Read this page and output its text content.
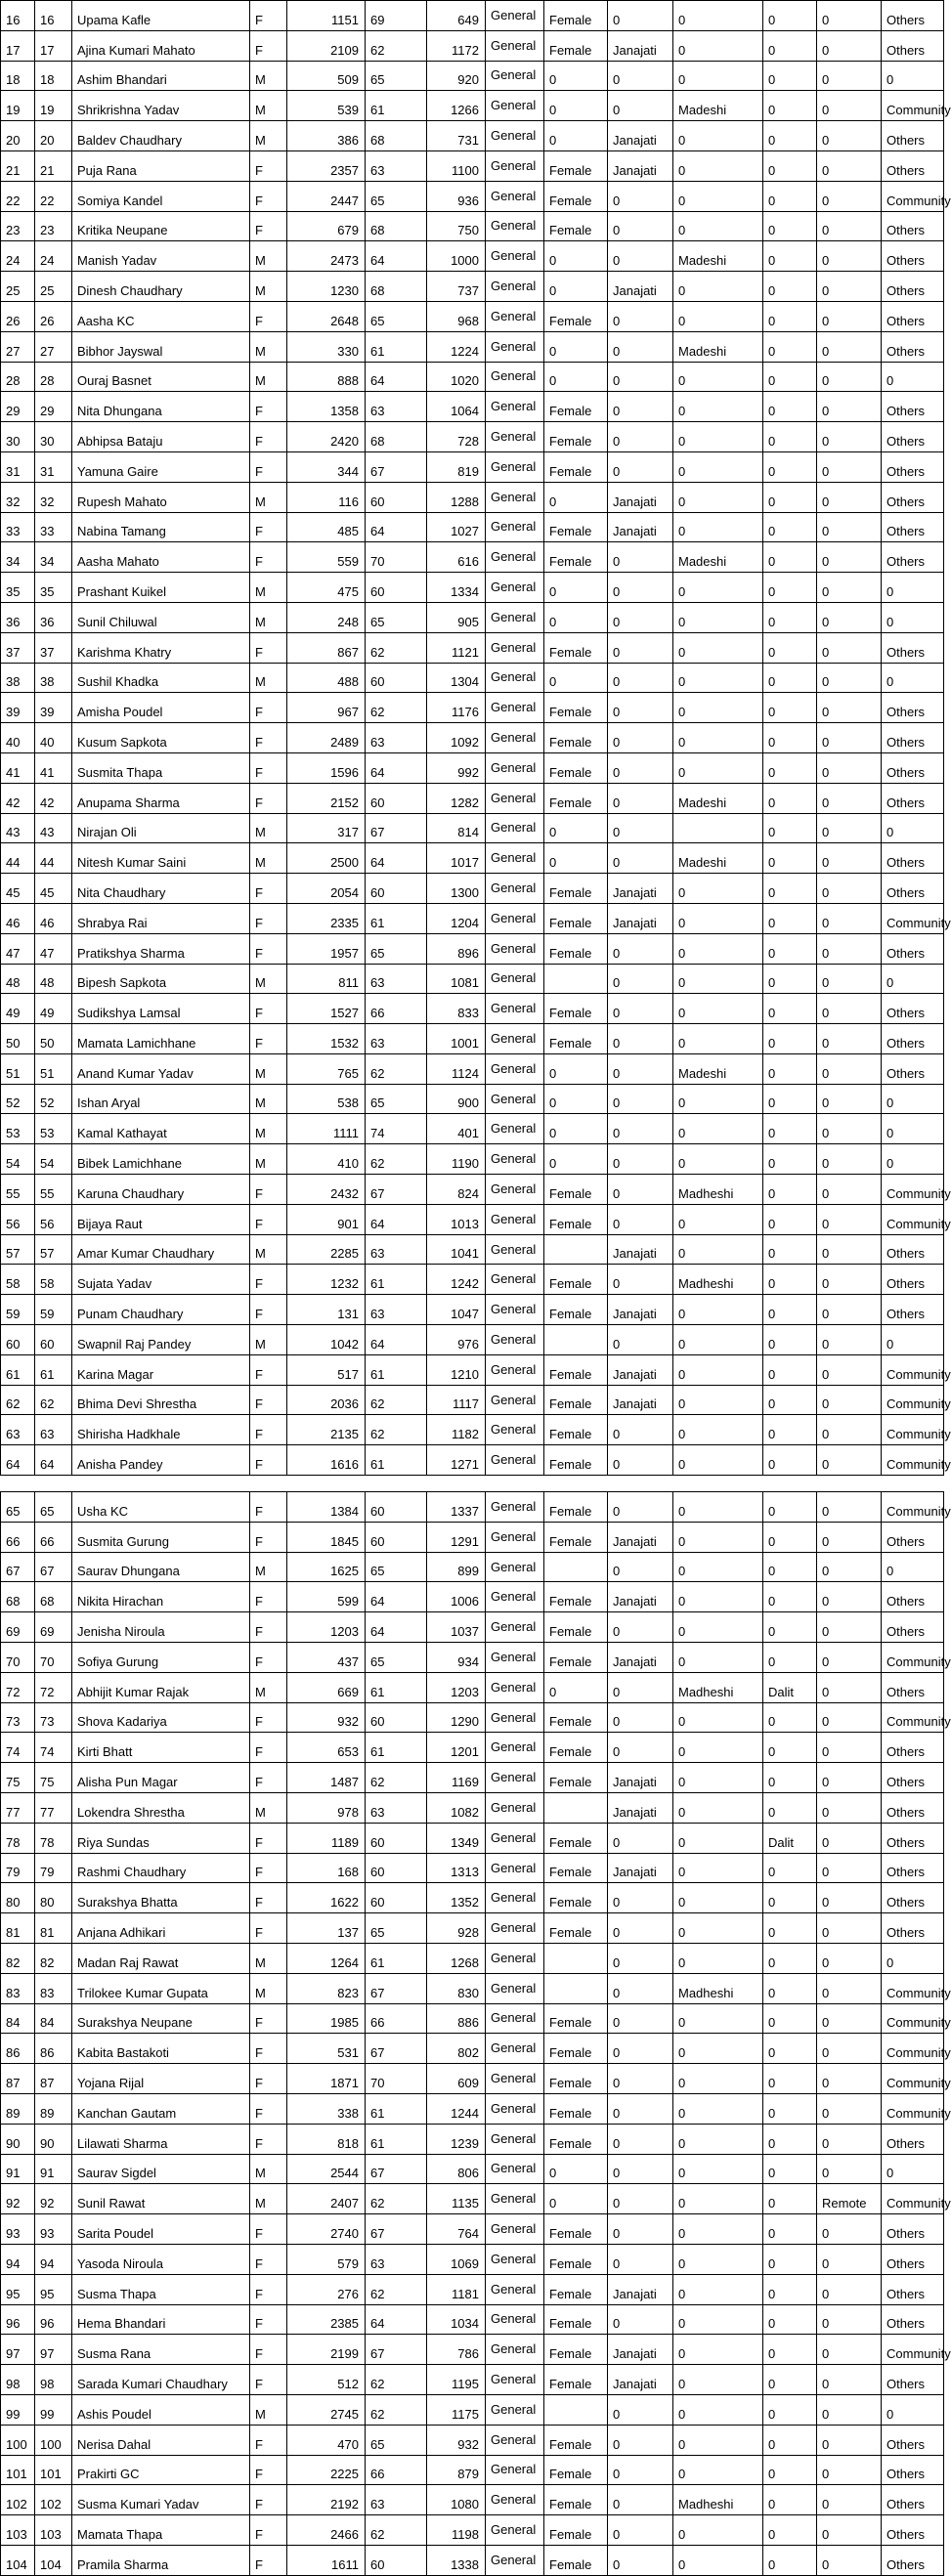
16	16	Upama Kafle	F	1151	69	649	General	Female	0	0	0	0	Others
17	17	Ajina Kumari Mahato	F	2109	62	1172	General	Female	Janajati	0	0	0	Others
18	18	Ashim Bhandari	M	509	65	920	General	0	0	0	0	0	0
19	19	Shrikrishna Yadav	M	539	61	1266	General	0	0	Madeshi	0	0	Community
20	20	Baldev Chaudhary	M	386	68	731	General	0	Janajati	0	0	0	Others
21	21	Puja Rana	F	2357	63	1100	General	Female	Janajati	0	0	0	Others
22	22	Somiya Kandel	F	2447	65	936	General	Female	0	0	0	0	Community
23	23	Kritika Neupane	F	679	68	750	General	Female	0	0	0	0	Others
24	24	Manish Yadav	M	2473	64	1000	General	0	0	Madeshi	0	0	Others
25	25	Dinesh Chaudhary	M	1230	68	737	General	0	Janajati	0	0	0	Others
26	26	Aasha KC	F	2648	65	968	General	Female	0	0	0	0	Others
27	27	Bibhor Jayswal	M	330	61	1224	General	0	0	Madeshi	0	0	Others
28	28	Ouraj Basnet	M	888	64	1020	General	0	0	0	0	0	0
29	29	Nita Dhungana	F	1358	63	1064	General	Female	0	0	0	0	Others
30	30	Abhipsa Bataju	F	2420	68	728	General	Female	0	0	0	0	Others
31	31	Yamuna Gaire	F	344	67	819	General	Female	0	0	0	0	Others
32	32	Rupesh Mahato	M	116	60	1288	General	0	Janajati	0	0	0	Others
33	33	Nabina Tamang	F	485	64	1027	General	Female	Janajati	0	0	0	Others
34	34	Aasha Mahato	F	559	70	616	General	Female	0	Madeshi	0	0	Others
35	35	Prashant Kuikel	M	475	60	1334	General	0	0	0	0	0	0
36	36	Sunil Chiluwal	M	248	65	905	General	0	0	0	0	0	0
37	37	Karishma Khatry	F	867	62	1121	General	Female	0	0	0	0	Others
38	38	Sushil Khadka	M	488	60	1304	General	0	0	0	0	0	0
39	39	Amisha Poudel	F	967	62	1176	General	Female	0	0	0	0	Others
40	40	Kusum Sapkota	F	2489	63	1092	General	Female	0	0	0	0	Others
41	41	Susmita Thapa	F	1596	64	992	General	Female	0	0	0	0	Others
42	42	Anupama Sharma	F	2152	60	1282	General	Female	0	Madeshi	0	0	Others
43	43	Nirajan Oli	M	317	67	814	General	0	0		0	0	0
44	44	Nitesh Kumar Saini	M	2500	64	1017	General	0	0	Madeshi	0	0	Others
45	45	Nita Chaudhary	F	2054	60	1300	General	Female	Janajati	0	0	0	Others
46	46	Shrabya Rai	F	2335	61	1204	General	Female	Janajati	0	0	0	Community
47	47	Pratikshya Sharma	F	1957	65	896	General	Female	0	0	0	0	Others
48	48	Bipesh Sapkota	M	811	63	1081	General		0	0	0	0	0
49	49	Sudikshya Lamsal	F	1527	66	833	General	Female	0	0	0	0	Others
50	50	Mamata Lamichhane	F	1532	63	1001	General	Female	0	0	0	0	Others
51	51	Anand Kumar Yadav	M	765	62	1124	General	0	0	Madeshi	0	0	Others
52	52	Ishan Aryal	M	538	65	900	General	0	0	0	0	0	0
53	53	Kamal Kathayat	M	1111	74	401	General	0	0	0	0	0	0
54	54	Bibek Lamichhane	M	410	62	1190	General	0	0	0	0	0	0
55	55	Karuna Chaudhary	F	2432	67	824	General	Female	0	Madheshi	0	0	Community
56	56	Bijaya Raut	F	901	64	1013	General	Female	0	0	0	0	Community
57	57	Amar Kumar Chaudhary	M	2285	63	1041	General		Janajati	0	0	0	Others
58	58	Sujata Yadav	F	1232	61	1242	General	Female	0	Madheshi	0	0	Others
59	59	Punam Chaudhary	F	131	63	1047	General	Female	Janajati	0	0	0	Others
60	60	Swapnil Raj Pandey	M	1042	64	976	General		0	0	0	0	0
61	61	Karina Magar	F	517	61	1210	General	Female	Janajati	0	0	0	Community
62	62	Bhima Devi Shrestha	F	2036	62	1117	General	Female	Janajati	0	0	0	Community
63	63	Shirisha Hadkhale	F	2135	62	1182	General	Female	0	0	0	0	Community
64	64	Anisha Pandey	F	1616	61	1271	General	Female	0	0	0	0	Community
65	65	Usha KC	F	1384	60	1337	General	Female	0	0	0	0	Community
66	66	Susmita Gurung	F	1845	60	1291	General	Female	Janajati	0	0	0	Others
67	67	Saurav Dhungana	M	1625	65	899	General		0	0	0	0	0
68	68	Nikita Hirachan	F	599	64	1006	General	Female	Janajati	0	0	0	Others
69	69	Jenisha Niroula	F	1203	64	1037	General	Female	0	0	0	0	Others
70	70	Sofiya Gurung	F	437	65	934	General	Female	Janajati	0	0	0	Community
72	72	Abhijit Kumar Rajak	M	669	61	1203	General	0	0	Madheshi	Dalit	0	Others
73	73	Shova Kadariya	F	932	60	1290	General	Female	0	0	0	0	Community
74	74	Kirti Bhatt	F	653	61	1201	General	Female	0	0	0	0	Others
75	75	Alisha Pun Magar	F	1487	62	1169	General	Female	Janajati	0	0	0	Others
77	77	Lokendra Shrestha	M	978	63	1082	General		Janajati	0	0	0	Others
78	78	Riya Sundas	F	1189	60	1349	General	Female	0	0	Dalit	0	Others
79	79	Rashmi Chaudhary	F	168	60	1313	General	Female	Janajati	0	0	0	Others
80	80	Surakshya Bhatta	F	1622	60	1352	General	Female	0	0	0	0	Others
81	81	Anjana Adhikari	F	137	65	928	General	Female	0	0	0	0	Others
82	82	Madan Raj Rawat	M	1264	61	1268	General		0	0	0	0	0
83	83	Trilokee Kumar Gupata	M	823	67	830	General		0	Madheshi	0	0	Community
84	84	Surakshya Neupane	F	1985	66	886	General	Female	0	0	0	0	Community
86	86	Kabita Bastakoti	F	531	67	802	General	Female	0	0	0	0	Community
87	87	Yojana Rijal	F	1871	70	609	General	Female	0	0	0	0	Community
89	89	Kanchan Gautam	F	338	61	1244	General	Female	0	0	0	0	Community
90	90	Lilawati Sharma	F	818	61	1239	General	Female	0	0	0	0	Others
91	91	Saurav Sigdel	M	2544	67	806	General	0	0	0	0	0	0
92	92	Sunil Rawat	M	2407	62	1135	General	0	0	0	0	Remote	Community
93	93	Sarita Poudel	F	2740	67	764	General	Female	0	0	0	0	Others
94	94	Yasoda Niroula	F	579	63	1069	General	Female	0	0	0	0	Others
95	95	Susma Thapa	F	276	62	1181	General	Female	Janajati	0	0	0	Others
96	96	Hema Bhandari	F	2385	64	1034	General	Female	0	0	0	0	Others
97	97	Susma Rana	F	2199	67	786	General	Female	Janajati	0	0	0	Community
98	98	Sarada Kumari Chaudhary	F	512	62	1195	General	Female	Janajati	0	0	0	Others
99	99	Ashis Poudel	M	2745	62	1175	General		0	0	0	0	0
100	100	Nerisa Dahal	F	470	65	932	General	Female	0	0	0	0	Others
101	101	Prakirti GC	F	2225	66	879	General	Female	0	0	0	0	Others
102	102	Susma Kumari Yadav	F	2192	63	1080	General	Female	0	Madheshi	0	0	Others
103	103	Mamata Thapa	F	2466	62	1198	General	Female	0	0	0	0	Others
104	104	Pramila Sharma	F	1611	60	1338	General	Female	0	0	0	0	Others
